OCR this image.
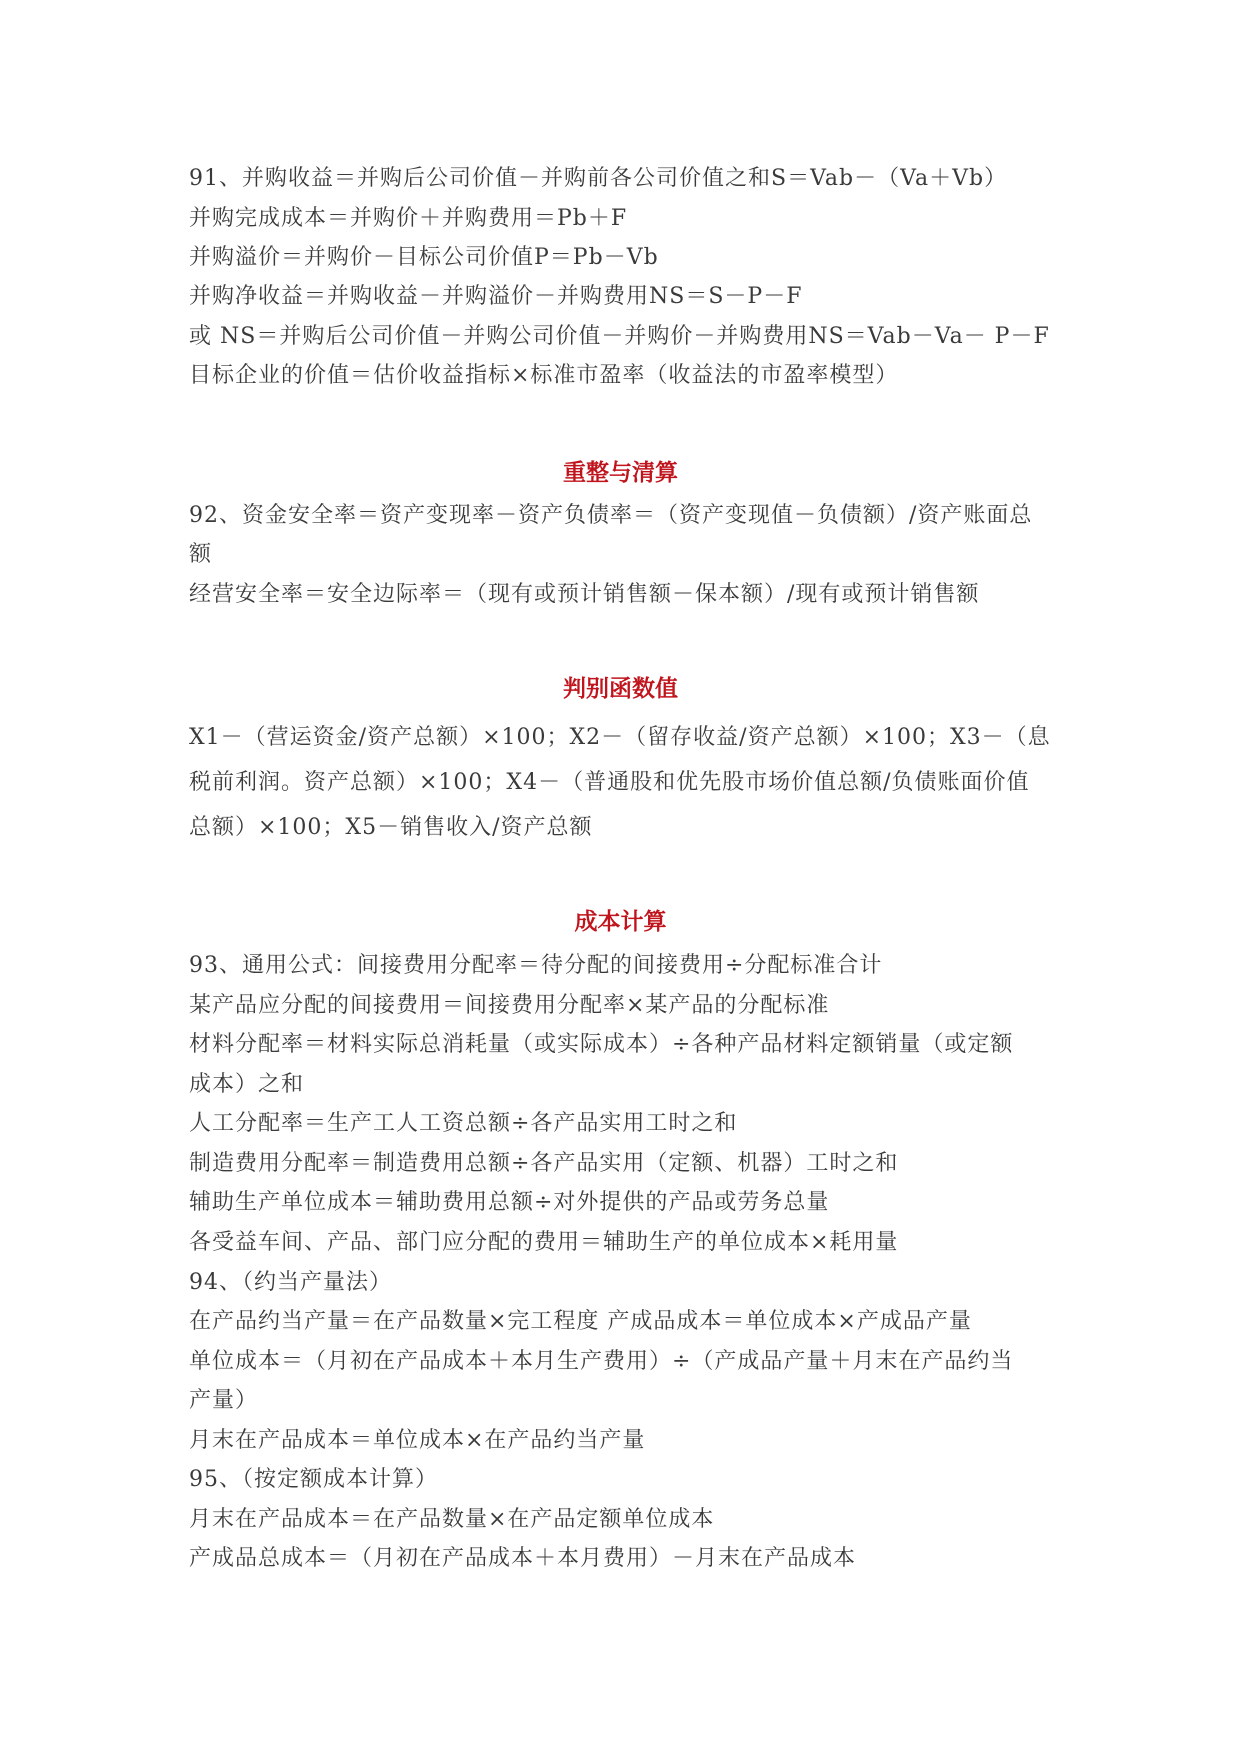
91、并购收益＝并购后公司价值－并购前各公司价值之和S＝Vab－（Va＋Vb）
并购完成成本＝并购价＋并购费用＝Pb＋F
并购溢价＝并购价－目标公司价值P＝Pb－Vb
并购净收益＝并购收益－并购溢价－并购费用NS＝S－P－F
或 NS＝并购后公司价值－并购公司价值－并购价－并购费用NS＝Vab－Va－ P－F
目标企业的价值＝估价收益指标×标准市盈率（收益法的市盈率模型）
重整与清算
92、资金安全率＝资产变现率－资产负债率＝（资产变现值－负债额）/资产账面总
额
经营安全率＝安全边际率＝（现有或预计销售额－保本额）/现有或预计销售额
判别函数值
X1－（营运资金/资产总额）×100；X2－（留存收益/资产总额）×100；X3－（息
税前利润。资产总额）×100；X4－（普通股和优先股市场价值总额/负债账面价值
总额）×100；X5－销售收入/资产总额
成本计算
93、通用公式：间接费用分配率＝待分配的间接费用÷分配标准合计
某产品应分配的间接费用＝间接费用分配率×某产品的分配标准
材料分配率＝材料实际总消耗量（或实际成本）÷各种产品材料定额销量（或定额
成本）之和
人工分配率＝生产工人工资总额÷各产品实用工时之和
制造费用分配率＝制造费用总额÷各产品实用（定额、机器）工时之和
辅助生产单位成本＝辅助费用总额÷对外提供的产品或劳务总量
各受益车间、产品、部门应分配的费用＝辅助生产的单位成本×耗用量
94、（约当产量法）
在产品约当产量＝在产品数量×完工程度 产成品成本＝单位成本×产成品产量
单位成本＝（月初在产品成本＋本月生产费用）÷（产成品产量＋月末在产品约当
产量）
月末在产品成本＝单位成本×在产品约当产量
95、（按定额成本计算）
月末在产品成本＝在产品数量×在产品定额单位成本
产成品总成本＝（月初在产品成本＋本月费用）－月末在产品成本
